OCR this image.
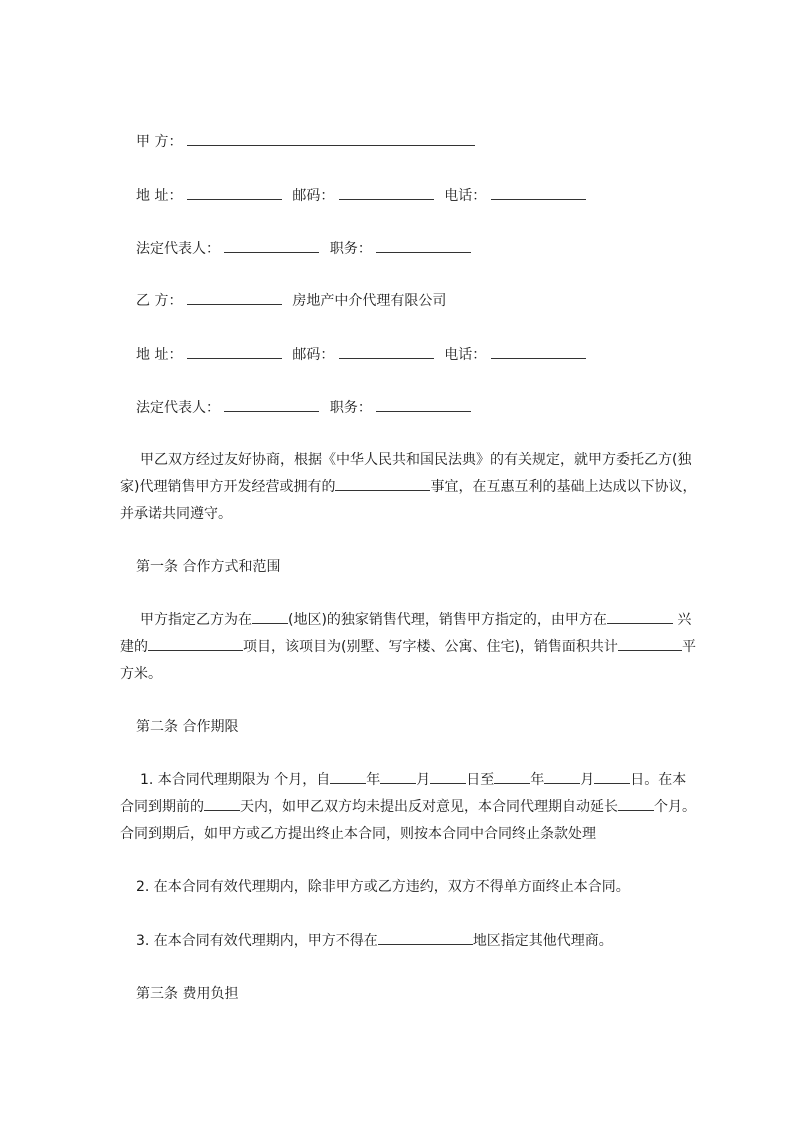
甲 方：
地 址：	邮码：	电话：
法定代表人：	职务：
乙 方：	房地产中介代理有限公司
地 址：	邮码：	电话：
法定代表人：	职务：
甲乙双方经过友好协商，根据《中华人民共和国民法典》的有关规定，就甲方委托乙方(独家)代理销售甲方开发经营或拥有的	事宜，在互惠互利的基础上达成以下协议，并承诺共同遵守。
第一条 合作方式和范围
甲方指定乙方为在	(地区)的独家销售代理，销售甲方指定的，由甲方在	兴建的	项目，该项目为(别墅、写字楼、公寓、住宅)，销售面积共计	平方米。
第二条 合作期限
1. 本合同代理期限为 个月，自	年	月	日至	年	月	日。在本合同到期前的	天内，如甲乙双方均未提出反对意见，本合同代理期自动延长	个月。合同到期后，如甲方或乙方提出终止本合同，则按本合同中合同终止条款处理
2. 在本合同有效代理期内，除非甲方或乙方违约，双方不得单方面终止本合同。
3. 在本合同有效代理期内，甲方不得在	地区指定其他代理商。
第三条 费用负担
